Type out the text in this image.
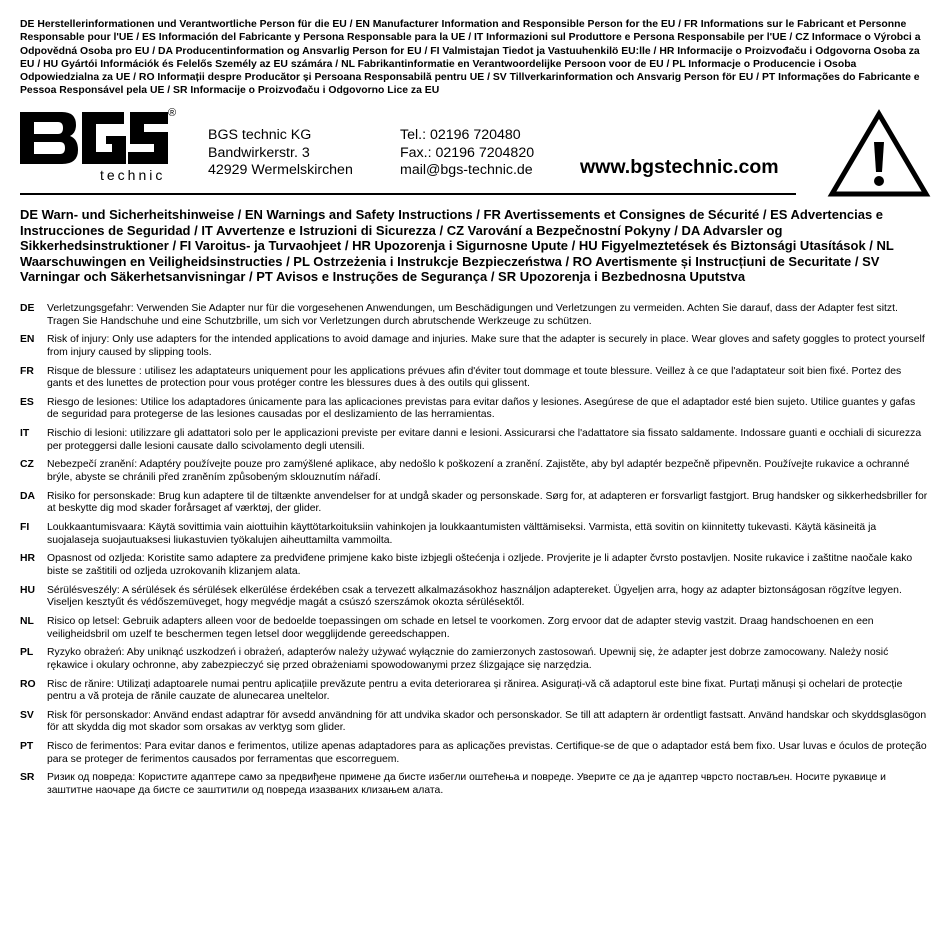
DE Herstellerinformationen und Verantwortliche Person für die EU / EN Manufacturer Information and Responsible Person for the EU / FR Informations sur le Fabricant et Personne Responsable pour l'UE / ES Información del Fabricante y Persona Responsable para la UE / IT Informazioni sul Produttore e Persona Responsabile per l'UE / CZ Informace o Výrobci a Odpovědná Osoba pro EU / DA Producentinformation og Ansvarlig Person for EU / FI Valmistajan Tiedot ja Vastuuhenkilö EU:lle / HR Informacije o Proizvođaču i Odgovorna Osoba za EU / HU Gyártói Információk és Felelős Személy az EU számára / NL Fabrikantinformatie en Verantwoordelijke Persoon voor de EU / PL Informacje o Producencie i Osoba Odpowiedzialna za UE / RO Informații despre Producător și Persoana Responsabilă pentru UE / SV Tillverkarinformation och Ansvarig Person för EU / PT Informações do Fabricante e Pessoa Responsável pela UE / SR Informacije o Proizvođaču i Odgovorno Lice za EU
®
technic
BGS technic KG
Bandwirkerstr. 3
42929 Wermelskirchen
Tel.: 02196 720480
Fax.: 02196 7204820
mail@bgs-technic.de www.bgstechnic.com
DE Warn- und Sicherheitshinweise / EN Warnings and Safety Instructions / FR Avertissements et Consignes de Sécurité / ES Advertencias e Instrucciones de Seguridad / IT Avvertenze e Istruzioni di Sicurezza / CZ Varování a Bezpečnostní Pokyny / DA Advarsler og Sikkerhedsinstruktioner / FI Varoitus- ja Turvaohjeet / HR Upozorenja i Sigurnosne Upute / HU Figyelmeztetések és Biztonsági Utasítások / NL Waarschuwingen en Veiligheidsinstructies / PL Ostrzeżenia i Instrukcje Bezpieczeństwa / RO Avertismente și Instrucțiuni de Securitate / SV Varningar och Säkerhetsanvisningar / PT Avisos e Instruções de Segurança / SR Upozorenja i Bezbednosna Uputstva
DE	Verletzungsgefahr: Verwenden Sie Adapter nur für die vorgesehenen Anwendungen, um Beschädigungen und Verletzungen zu vermeiden. Achten Sie darauf, dass der Adapter fest sitzt. Tragen Sie Handschuhe und eine Schutzbrille, um sich vor Verletzungen durch abrutschende Werkzeuge zu schützen.
EN	Risk of injury: Only use adapters for the intended applications to avoid damage and injuries. Make sure that the adapter is securely in place. Wear gloves and safety goggles to protect yourself from injury caused by slipping tools.
FR	Risque de blessure : utilisez les adaptateurs uniquement pour les applications prévues afin d'éviter tout dommage et toute blessure. Veillez à ce que l'adaptateur soit bien fixé. Portez des gants et des lunettes de protection pour vous protéger contre les blessures dues à des outils qui glissent.
ES	Riesgo de lesiones: Utilice los adaptadores únicamente para las aplicaciones previstas para evitar daños y lesiones. Asegúrese de que el adaptador esté bien sujeto. Utilice guantes y gafas de seguridad para protegerse de las lesiones causadas por el deslizamiento de las herramientas.
IT	Rischio di lesioni: utilizzare gli adattatori solo per le applicazioni previste per evitare danni e lesioni. Assicurarsi che l'adattatore sia fissato saldamente. Indossare guanti e occhiali di sicurezza per proteggersi dalle lesioni causate dallo scivolamento degli utensili.
CZ	Nebezpečí zranění: Adaptéry používejte pouze pro zamýšlené aplikace, aby nedošlo k poškození a zranění. Zajistěte, aby byl adaptér bezpečně připevněn. Používejte rukavice a ochranné brýle, abyste se chránili před zraněním způsobeným sklouznutím nářadí.
DA	Risiko for personskade: Brug kun adaptere til de tiltænkte anvendelser for at undgå skader og personskade. Sørg for, at adapteren er forsvarligt fastgjort. Brug handsker og sikkerhedsbriller for at beskytte dig mod skader forårsaget af værktøj, der glider.
FI	Loukkaantumisvaara: Käytä sovittimia vain aiottuihin käyttötarkoituksiin vahinkojen ja loukkaantumisten välttämiseksi. Varmista, että sovitin on kiinnitetty tukevasti. Käytä käsineitä ja suojalaseja suojautuaksesi liukastuvien työkalujen aiheuttamilta vammoilta.
HR	Opasnost od ozljeda: Koristite samo adaptere za predviđene primjene kako biste izbjegli oštećenja i ozljede. Provjerite je li adapter čvrsto postavljen. Nosite rukavice i zaštitne naočale kako biste se zaštitili od ozljeda uzrokovanih klizanjem alata.
HU	Sérülésveszély: A sérülések és sérülések elkerülése érdekében csak a tervezett alkalmazásokhoz használjon adaptereket. Ügyeljen arra, hogy az adapter biztonságosan rögzítve legyen. Viseljen kesztyűt és védőszemüveget, hogy megvédje magát a csúszó szerszámok okozta sérülésektől.
NL	Risico op letsel: Gebruik adapters alleen voor de bedoelde toepassingen om schade en letsel te voorkomen. Zorg ervoor dat de adapter stevig vastzit. Draag handschoenen en een veiligheidsbril om uzelf te beschermen tegen letsel door wegglijdende gereedschappen.
PL	Ryzyko obrażeń: Aby uniknąć uszkodzeń i obrażeń, adapterów należy używać wyłącznie do zamierzonych zastosowań. Upewnij się, że adapter jest dobrze zamocowany. Należy nosić rękawice i okulary ochronne, aby zabezpieczyć się przed obrażeniami spowodowanymi przez ślizgające się narzędzia.
RO	Risc de rănire: Utilizați adaptoarele numai pentru aplicațiile prevăzute pentru a evita deteriorarea și rănirea. Asigurați-vă că adaptorul este bine fixat. Purtați mănuși și ochelari de protecție pentru a vă proteja de rănile cauzate de alunecarea uneltelor.
SV	Risk för personskador: Använd endast adaptrar för avsedd användning för att undvika skador och personskador. Se till att adaptern är ordentligt fastsatt. Använd handskar och skyddsglasögon för att skydda dig mot skador som orsakas av verktyg som glider.
PT	Risco de ferimentos: Para evitar danos e ferimentos, utilize apenas adaptadores para as aplicações previstas. Certifique-se de que o adaptador está bem fixo. Usar luvas e óculos de proteção para se proteger de ferimentos causados por ferramentas que escorreguem.
SR	Ризик од повреда: Користите адаптере само за предвиђене примене да бисте избегли оштећења и повреде. Уверите се да је адаптер чврсто постављен. Носите рукавице и заштитне наочаре да бисте се заштитили од повреда изазваних клизањем алата.
